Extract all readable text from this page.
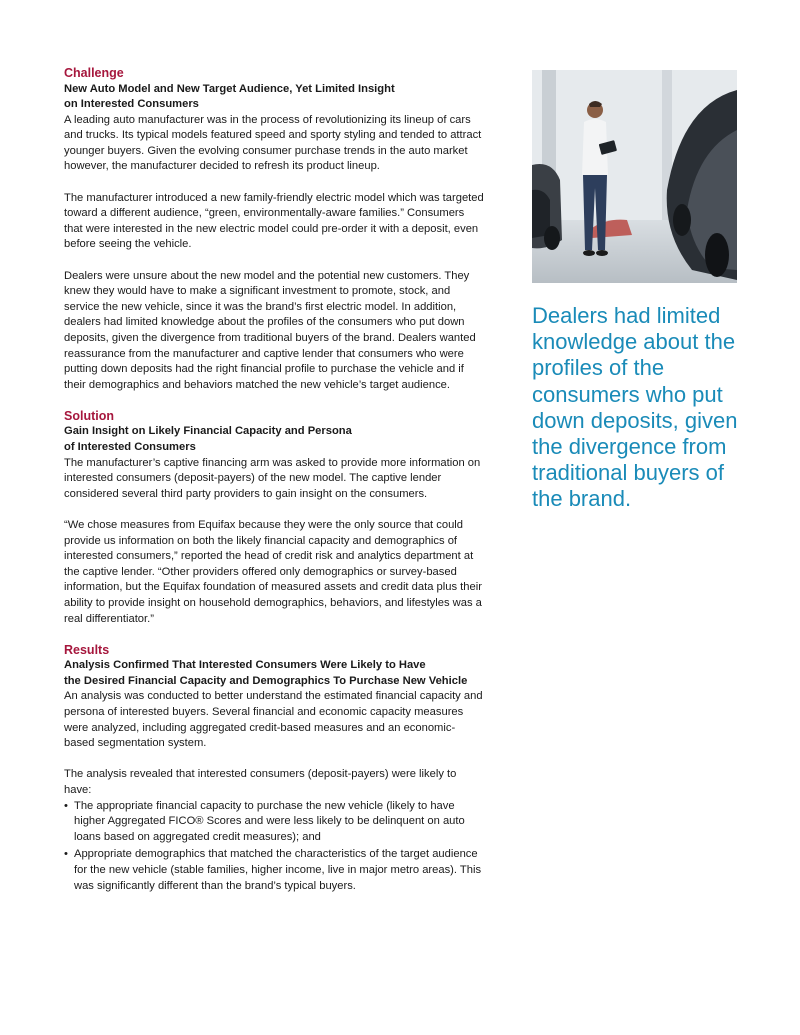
Challenge

New Auto Model and New Target Audience, Yet Limited Insight

on Interested Consumers

A leading auto manufacturer was in the process of revolutionizing its lineup of cars and trucks. Its typical models featured speed and sporty styling and tended to attract younger buyers. Given the evolving consumer purchase trends in the auto market however, the manufacturer decided to refresh its product lineup.

The manufacturer introduced a new family-friendly electric model which was targeted toward a different audience, “green, environmentally-aware families.” Consumers that were interested in the new electric model could pre-order it with a deposit, even before seeing the vehicle.

Dealers were unsure about the new model and the potential new customers. They knew they would have to make a significant investment to promote, stock, and service the new vehicle, since it was the brand’s first electric model. In addition, dealers had limited knowledge about the profiles of the consumers who put down deposits, given the divergence from traditional buyers of the brand. Dealers wanted reassurance from the manufacturer and captive lender that consumers who were putting down deposits had the right financial profile to purchase the vehicle and if their demographics and behaviors matched the new vehicle’s target audience.

Solution

Gain Insight on Likely Financial Capacity and Persona

of Interested Consumers

The manufacturer’s captive financing arm was asked to provide more information on interested consumers (deposit-payers) of the new model. The captive lender considered several third party providers to gain insight on the consumers.

“We chose measures from Equifax because they were the only source that could provide us information on both the likely financial capacity and demographics of interested consumers,” reported the head of credit risk and analytics department at the captive lender. “Other providers offered only demographics or survey-based information, but the Equifax foundation of measured assets and credit data plus their ability to provide insight on household demographics, behaviors, and lifestyles was a real differentiator.”

Results

Analysis Confirmed That Interested Consumers Were Likely to Have

the Desired Financial Capacity and Demographics To Purchase New Vehicle

An analysis was conducted to better understand the estimated financial capacity and persona of interested buyers. Several financial and economic capacity measures were analyzed, including aggregated credit-based measures and an economic-based segmentation system.

The analysis revealed that interested consumers (deposit-payers) were likely to have:

• The appropriate financial capacity to purchase the new vehicle (likely to have higher Aggregated FICO® Scores and were less likely to be delinquent on auto loans based on aggregated credit measures); and
• Appropriate demographics that matched the characteristics of the target audience for the new vehicle (stable families, higher income, live in major metro areas). This was significantly different than the brand’s typical buyers.

Dealers had limited knowledge about the profiles of the consumers who put down deposits, given the divergence from traditional buyers of the brand.
